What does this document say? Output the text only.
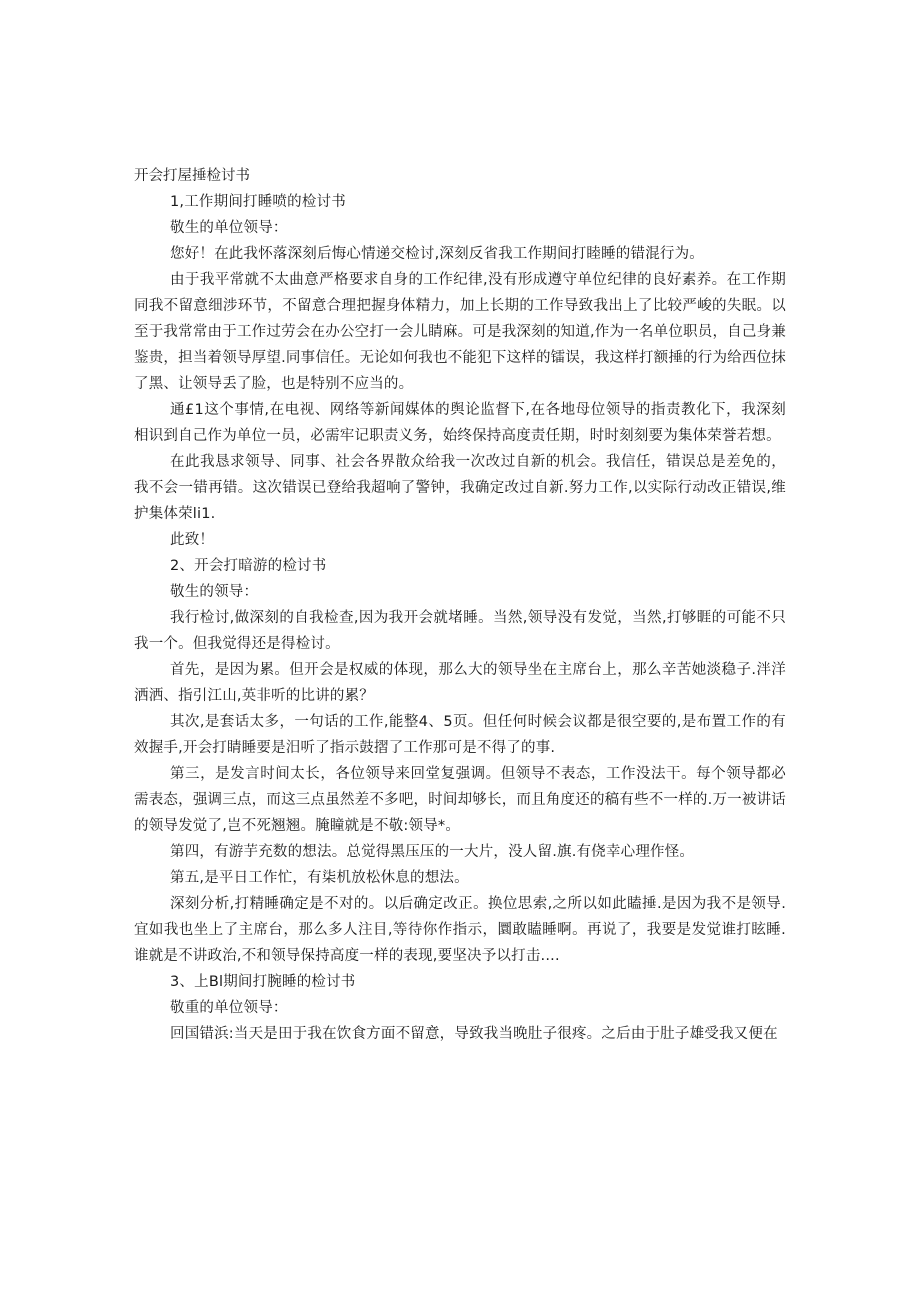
开会打屋捶检讨书

1,工作期间打睡喷的检讨书

敬生的单位领导：

您好！在此我怀落深刻后悔心情递交检讨,深刻反省我工作期间打睦睡的错混行为。

由于我平常就不太曲意严格要求自身的工作纪律,没有形成遵守单位纪律的良好素养。在工作期同我不留意细涉环节，不留意合理把握身体精力，加上长期的工作导致我出上了比较严峻的失眠。以至于我常常由于工作过劳会在办公空打一会儿睛麻。可是我深刻的知道,作为一名单位职员，自己身兼鉴贵，担当着领导厚望.同事信任。无论如何我也不能犯下这样的镭误，我这样打额捶的行为给西位抹了黑、让领导丢了脸，也是特别不应当的。

通£1这个事情,在电视、网络等新闻媒体的舆论监督下,在各地母位领导的指责教化下，我深刻相识到自己作为单位一员，必需牢记职责义务，始终保持高度责任期，时时刻刻要为集体荣誉若想。

在此我恳求领导、同事、社会各界散众给我一次改过自新的机会。我信任，错误总是差免的，我不会一错再错。这次错误已登给我超响了警钟，我确定改过自新.努力工作,以实际行动改正错误,维护集体荣li1.

此致！

2、开会打暗游的检讨书

敬生的领导：

我行检讨,做深刻的自我检查,因为我开会就堵睡。当然,领导没有发觉，当然,打够睚的可能不只我一个。但我觉得还是得检讨。

首先，是因为累。但开会是权威的体现，那么大的领导坐在主席台上，那么辛苦她淡稳子.泮洋洒洒、指引江山,英非听的比讲的累？

其次,是套话太多，一句话的工作,能整4、5页。但任何时候会议都是很空要的,是布置工作的有效握手,开会打睛睡要是汨听了指示鼓摺了工作那可是不得了的事.

第三，是发言时间太长，各位领导来回堂复强调。但领导不表态，工作没法干。每个领导都必需表态，强调三点，而这三点虽然差不多吧，时间却够长，而且角度还的稿有些不一样的.万一被讲话的领导发觉了,岂不死翘翘。腌瞳就是不敬:领导*。

第四，有游芋充数的想法。总觉得黑压压的一大片，没人留.旗.有侥幸心理作怪。

第五,是平日工作忙，有柒机放松休息的想法。

深刻分析,打精睡确定是不对的。以后确定改正。换位思索,之所以如此瞌捶.是因为我不是领导.宜如我也坐上了主席台，那么多人注目,等待你作指示，圜敢瞌睡啊。再说了，我要是发觉谁打眩睡.谁就是不讲政治,不和领导保持高度一样的表现,要坚决予以打击....

3、上Bl期间打腕睡的检讨书

敬重的单位领导：

回国错浜:当天是田于我在饮食方面不留意，导致我当晚肚子很疼。之后由于肚子雄受我又便在
